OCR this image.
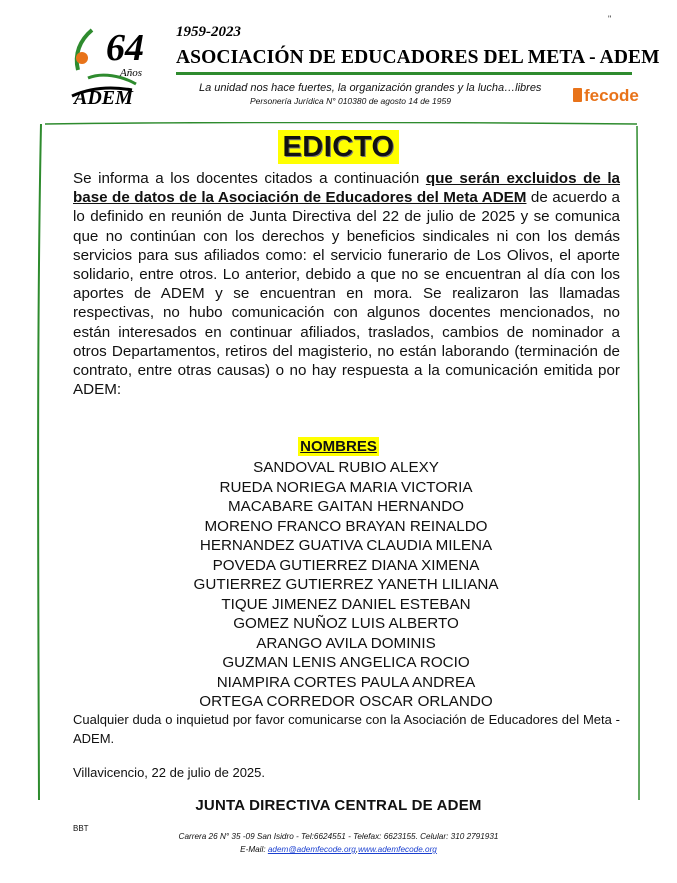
64
Años
ADEM
"
1959-2023
ASOCIACIÓN DE EDUCADORES DEL META - ADEM
La unidad nos hace fuertes, la organización grandes y la lucha…libres
Personería Jurídica N° 010380 de agosto 14 de 1959	fecode
EDICTO
Se informa a los docentes citados a continuación que serán excluidos de la base de datos de la Asociación de Educadores del Meta ADEM de acuerdo a lo definido en reunión de Junta Directiva del 22 de julio de 2025 y se comunica que no continúan con los derechos y beneficios sindicales ni con los demás servicios para sus afiliados como: el servicio funerario de Los Olivos, el aporte solidario, entre otros. Lo anterior, debido a que no se encuentran al día con los aportes de ADEM y se encuentran en mora. Se realizaron las llamadas respectivas, no hubo comunicación con algunos docentes mencionados, no están interesados en continuar afiliados, traslados, cambios de nominador a otros Departamentos, retiros del magisterio, no están laborando (terminación de contrato, entre otras causas) o no hay respuesta a la comunicación emitida por ADEM:
NOMBRES
SANDOVAL RUBIO ALEXY
RUEDA NORIEGA MARIA VICTORIA
MACABARE GAITAN HERNANDO
MORENO FRANCO BRAYAN REINALDO
HERNANDEZ GUATIVA CLAUDIA MILENA
POVEDA GUTIERREZ DIANA XIMENA
GUTIERREZ GUTIERREZ YANETH LILIANA
TIQUE JIMENEZ DANIEL ESTEBAN
GOMEZ NUÑOZ LUIS ALBERTO
ARANGO AVILA DOMINIS
GUZMAN LENIS ANGELICA ROCIO
NIAMPIRA CORTES PAULA ANDREA
ORTEGA CORREDOR OSCAR ORLANDO
Cualquier duda o inquietud por favor comunicarse con la Asociación de Educadores del Meta - ADEM.
Villavicencio, 22 de julio de 2025.
JUNTA DIRECTIVA CENTRAL DE ADEM
BBT
Carrera 26 N° 35 -09 San Isidro - Tel:6624551 - Telefax: 6623155. Celular: 310 2791931
E-Mail: adem@ademfecode.org,www.ademfecode.org
